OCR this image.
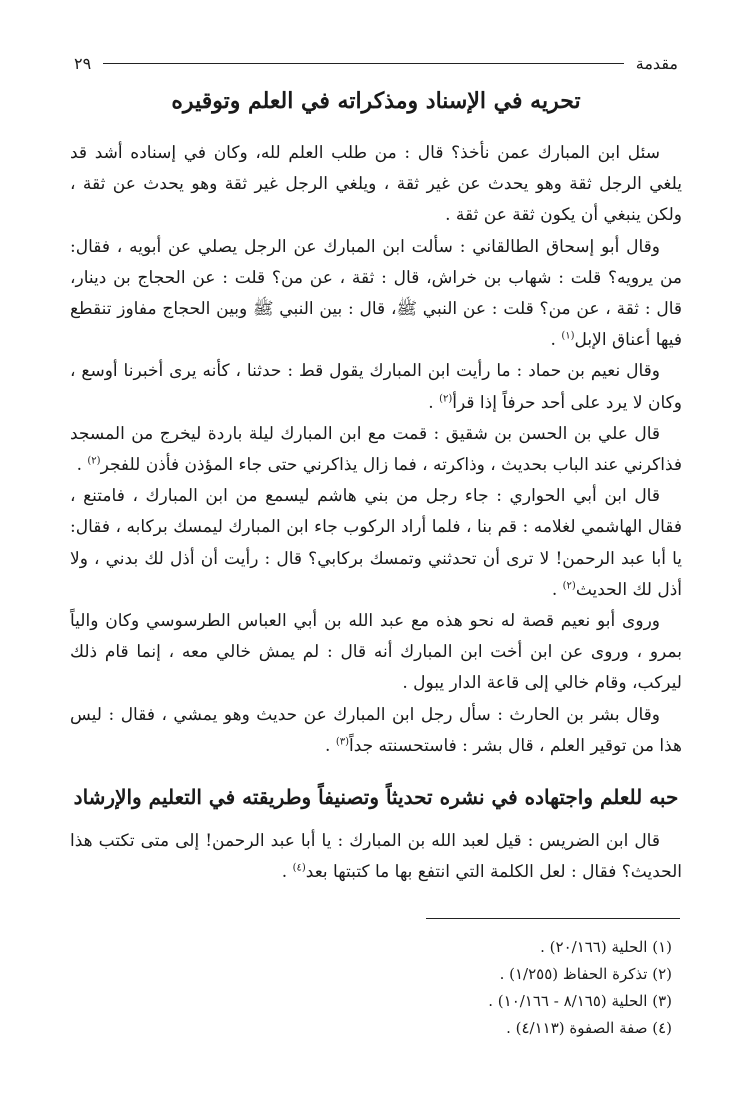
مقدمة
٢٩
تحريه في الإسناد ومذكراته في العلم وتوقيره

سئل ابن المبارك عمن نأخذ؟ قال : من طلب العلم لله، وكان في إسناده أشد قد يلغي الرجل ثقة وهو يحدث عن غير ثقة ، ويلغي الرجل غير ثقة وهو يحدث عن ثقة ، ولكن ينبغي أن يكون ثقة عن ثقة .

وقال أبو إسحاق الطالقاني : سألت ابن المبارك عن الرجل يصلي عن أبويه ، فقال: من يرويه؟ قلت : شهاب بن خراش، قال : ثقة ، عن من؟ قلت : عن الحجاج بن دينار، قال : ثقة ، عن من؟ قلت : عن النبي ﷺ، قال : بين النبي ﷺ وبين الحجاج مفاوز تنقطع فيها أعناق الإبل$^{(١)}$ .

وقال نعيم بن حماد : ما رأيت ابن المبارك يقول قط : حدثنا ، كأنه يرى أخبرنا أوسع ، وكان لا يرد على أحد حرفاً إذا قرأ$^{(٢)}$ .

قال علي بن الحسن بن شقيق : قمت مع ابن المبارك ليلة باردة ليخرج من المسجد فذاكرني عند الباب بحديث ، وذاكرته ، فما زال يذاكرني حتى جاء المؤذن فأذن للفجر$^{(٢)}$ .

قال ابن أبي الحواري : جاء رجل من بني هاشم ليسمع من ابن المبارك ، فامتنع ، فقال الهاشمي لغلامه : قم بنا ، فلما أراد الركوب جاء ابن المبارك ليمسك بركابه ، فقال: يا أبا عبد الرحمن! لا ترى أن تحدثني وتمسك بركابي؟ قال : رأيت أن أذل لك بدني ، ولا أذل لك الحديث$^{(٢)}$ .

وروى أبو نعيم قصة له نحو هذه مع عبد الله بن أبي العباس الطرسوسي وكان والياً بمرو ، وروى عن ابن أخت ابن المبارك أنه قال : لم يمش خالي معه ، إنما قام ذلك ليركب، وقام خالي إلى قاعة الدار يبول .

وقال بشر بن الحارث : سأل رجل ابن المبارك عن حديث وهو يمشي ، فقال : ليس هذا من توقير العلم ، قال بشر : فاستحسنته جداً$^{(٣)}$ .

حبه للعلم واجتهاده في نشره تحديثاً وتصنيفاً وطريقته في التعليم والإرشاد

قال ابن الضريس : قيل لعبد الله بن المبارك : يا أبا عبد الرحمن! إلى متى تكتب هذا الحديث؟ فقال : لعل الكلمة التي انتفع بها ما كتبتها بعد$^{(٤)}$ .

(١) الحلية (٢٠/١٦٦) .
(٢) تذكرة الحفاظ (١/٢٥٥) .
(٣) الحلية (٨/١٦٥ - ١٠/١٦٦) .
(٤) صفة الصفوة (٤/١١٣) .
